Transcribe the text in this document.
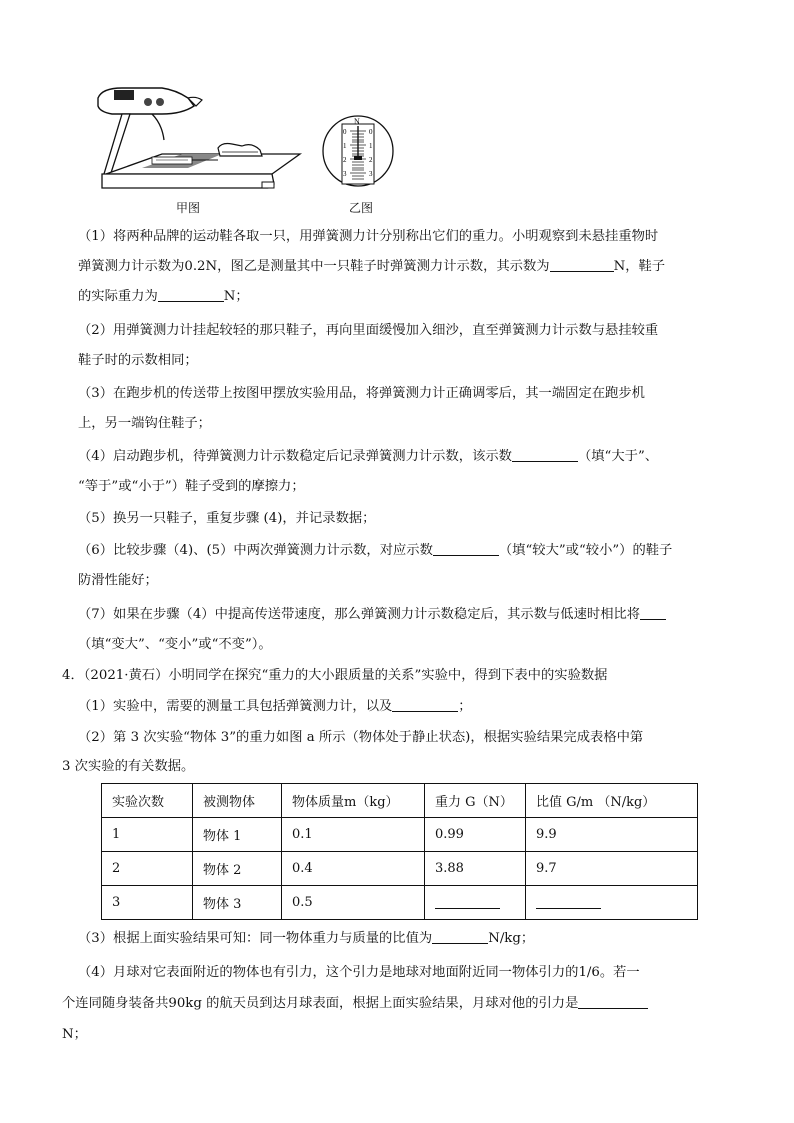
甲图
N
0
1
2
3
0
1
2
3
乙图
（1）将两种品牌的运动鞋各取一只，用弹簧测力计分别称出它们的重力。小明观察到未悬挂重物时
弹簧测力计示数为0.2N，图乙是测量其中一只鞋子时弹簧测力计示数，其示数为	N，鞋子
的实际重力为	N；
（2）用弹簧测力计挂起较轻的那只鞋子，再向里面缓慢加入细沙，直至弹簧测力计示数与悬挂较重
鞋子时的示数相同；
（3）在跑步机的传送带上按图甲摆放实验用品，将弹簧测力计正确调零后，其一端固定在跑步机
上，另一端钩住鞋子；
（4）启动跑步机，待弹簧测力计示数稳定后记录弹簧测力计示数，该示数	（填“大于”、
“等于”或“小于”）鞋子受到的摩擦力；
（5）换另一只鞋子，重复步骤 (4)，并记录数据；
（6）比较步骤（4)、(5）中两次弹簧测力计示数，对应示数	（填“较大”或“较小”）的鞋子
防滑性能好；
（7）如果在步骤（4）中提高传送带速度，那么弹簧测力计示数稳定后，其示数与低速时相比将
（填“变大”、“变小”或“不变”）。
4．（2021·黄石）小明同学在探究“重力的大小跟质量的关系”实验中，得到下表中的实验数据
（1）实验中，需要的测量工具包括弹簧测力计，以及	；
（2）第 3 次实验“物体 3”的重力如图 a 所示（物体处于静止状态)，根据实验结果完成表格中第
3 次实验的有关数据。
实验次数	被测物体	物体质量m（kg）	重力 G（N）	比值 G/m （N/kg）
1	物体 1	0.1	0.99	9.9
2	物体 2	0.4	3.88	9.7
3	物体 3	0.5		
（3）根据上面实验结果可知：同一物体重力与质量的比值为	N/kg；
（4）月球对它表面附近的物体也有引力，这个引力是地球对地面附近同一物体引力的1/6。若一
个连同随身装备共90kg 的航天员到达月球表面，根据上面实验结果，月球对他的引力是
N；
